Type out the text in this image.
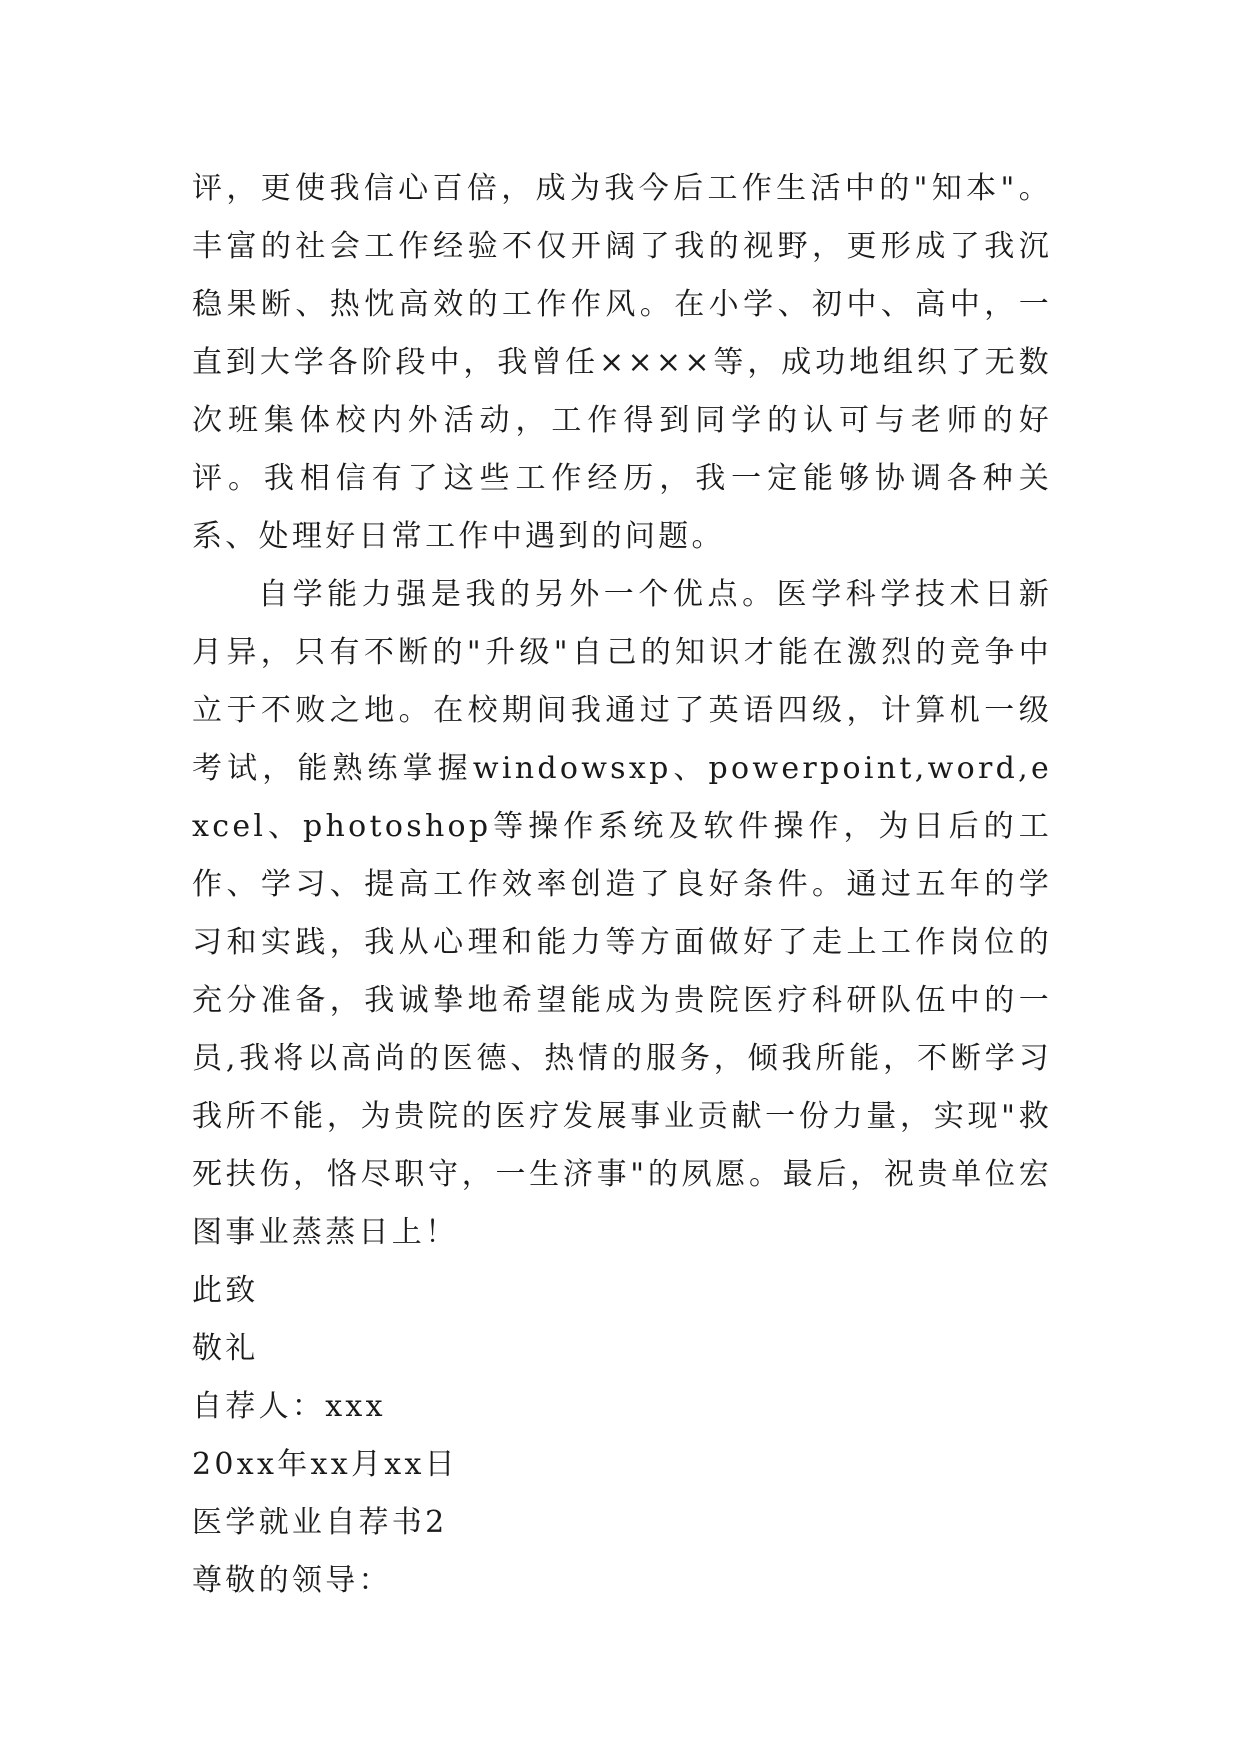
评，更使我信心百倍，成为我今后工作生活中的"知本"。丰富的社会工作经验不仅开阔了我的视野，更形成了我沉稳果断、热忱高效的工作作风。在小学、初中、高中，一直到大学各阶段中，我曾任××××等，成功地组织了无数次班集体校内外活动，工作得到同学的认可与老师的好评。我相信有了这些工作经历，我一定能够协调各种关系、处理好日常工作中遇到的问题。

自学能力强是我的另外一个优点。医学科学技术日新月异，只有不断的"升级"自己的知识才能在激烈的竞争中立于不败之地。在校期间我通过了英语四级，计算机一级考试，能熟练掌握windowsxp、powerpoint,word,excel、photoshop等操作系统及软件操作，为日后的工作、学习、提高工作效率创造了良好条件。通过五年的学习和实践，我从心理和能力等方面做好了走上工作岗位的充分准备，我诚挚地希望能成为贵院医疗科研队伍中的一员,我将以高尚的医德、热情的服务，倾我所能，不断学习我所不能，为贵院的医疗发展事业贡献一份力量，实现"救死扶伤，恪尽职守，一生济事"的夙愿。最后，祝贵单位宏图事业蒸蒸日上！

此致

敬礼

自荐人：xxx

20xx年xx月xx日

医学就业自荐书2

尊敬的领导：
